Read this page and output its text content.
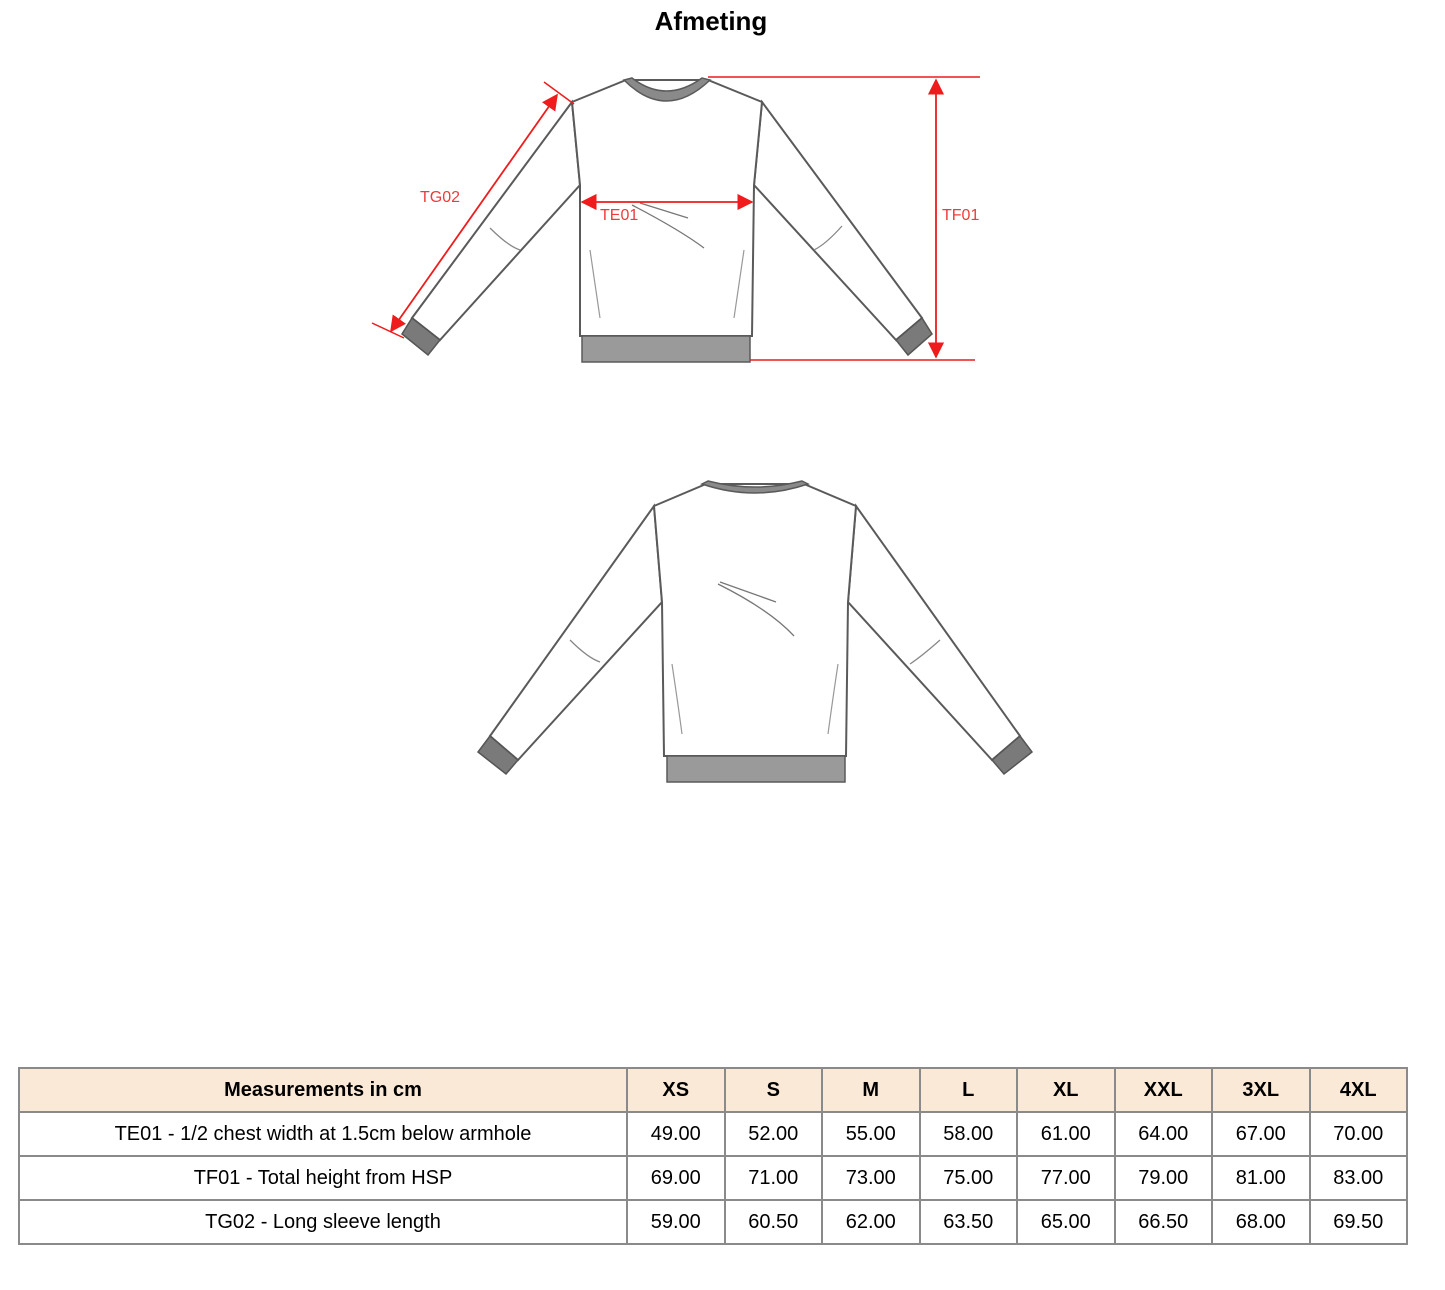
Afmeting
TE01	TF01
TG02
Measurements in cm	XS	S	M	L	XL	XXL	3XL	4XL
TE01 - 1/2 chest width at 1.5cm below armhole	49.00	52.00	55.00	58.00	61.00	64.00	67.00	70.00
TF01 - Total height from HSP	69.00	71.00	73.00	75.00	77.00	79.00	81.00	83.00
TG02 - Long sleeve length	59.00	60.50	62.00	63.50	65.00	66.50	68.00	69.50
